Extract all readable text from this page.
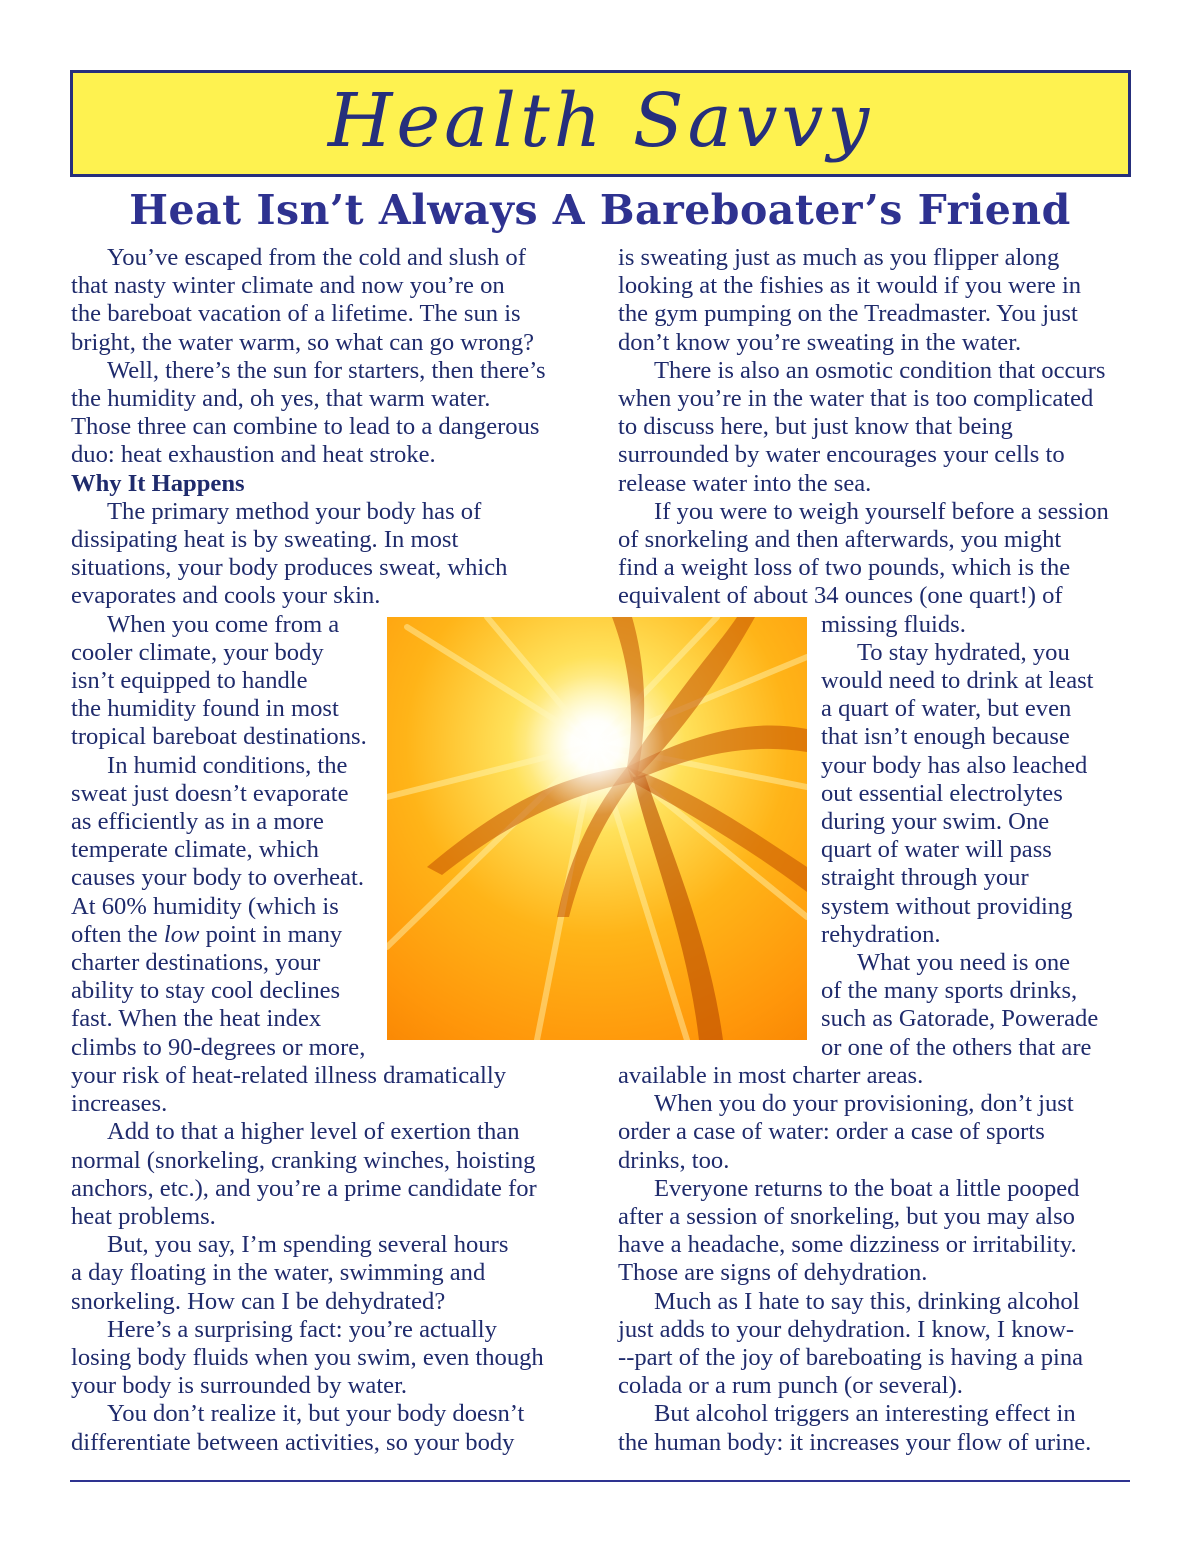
Health Savvy
Heat Isn’t Always A Bareboater’s Friend
You’ve escaped from the cold and slush of
that nasty winter climate and now you’re on
the bareboat vacation of a lifetime. The sun is
bright, the water warm, so what can go wrong?
Well, there’s the sun for starters, then there’s
the humidity and, oh yes, that warm water.
Those three can combine to lead to a dangerous
duo: heat exhaustion and heat stroke.
Why It Happens
The primary method your body has of
dissipating heat is by sweating. In most
situations, your body produces sweat, which
evaporates and cools your skin.
When you come from a
cooler climate, your body
isn’t equipped to handle
the humidity found in most
tropical bareboat destinations.
In humid conditions, the
sweat just doesn’t evaporate
as efficiently as in a more
temperate climate, which
causes your body to overheat.
At 60% humidity (which is
often the low point in many
charter destinations, your
ability to stay cool declines
fast. When the heat index
climbs to 90-degrees or more,
your risk of heat-related illness dramatically
increases.
Add to that a higher level of exertion than
normal (snorkeling, cranking winches, hoisting
anchors, etc.), and you’re a prime candidate for
heat problems.
But, you say, I’m spending several hours
a day floating in the water, swimming and
snorkeling. How can I be dehydrated?
Here’s a surprising fact: you’re actually
losing body fluids when you swim, even though
your body is surrounded by water.
You don’t realize it, but your body doesn’t
differentiate between activities, so your body
is sweating just as much as you flipper along
looking at the fishies as it would if you were in
the gym pumping on the Treadmaster. You just
don’t know you’re sweating in the water.
There is also an osmotic condition that occurs
when you’re in the water that is too complicated
to discuss here, but just know that being
surrounded by water encourages your cells to
release water into the sea.
If you were to weigh yourself before a session
of snorkeling and then afterwards, you might
find a weight loss of two pounds, which is the
equivalent of about 34 ounces (one quart!) of
missing fluids.
To stay hydrated, you
would need to drink at least
a quart of water, but even
that isn’t enough because
your body has also leached
out essential electrolytes
during your swim. One
quart of water will pass
straight through your
system without providing
rehydration.
What you need is one
of the many sports drinks,
such as Gatorade, Powerade
or one of the others that are
available in most charter areas.
When you do your provisioning, don’t just
order a case of water: order a case of sports
drinks, too.
Everyone returns to the boat a little pooped
after a session of snorkeling, but you may also
have a headache, some dizziness or irritability.
Those are signs of dehydration.
Much as I hate to say this, drinking alcohol
just adds to your dehydration. I know, I know-
--part of the joy of bareboating is having a pina
colada or a rum punch (or several).
But alcohol triggers an interesting effect in
the human body: it increases your flow of urine.
